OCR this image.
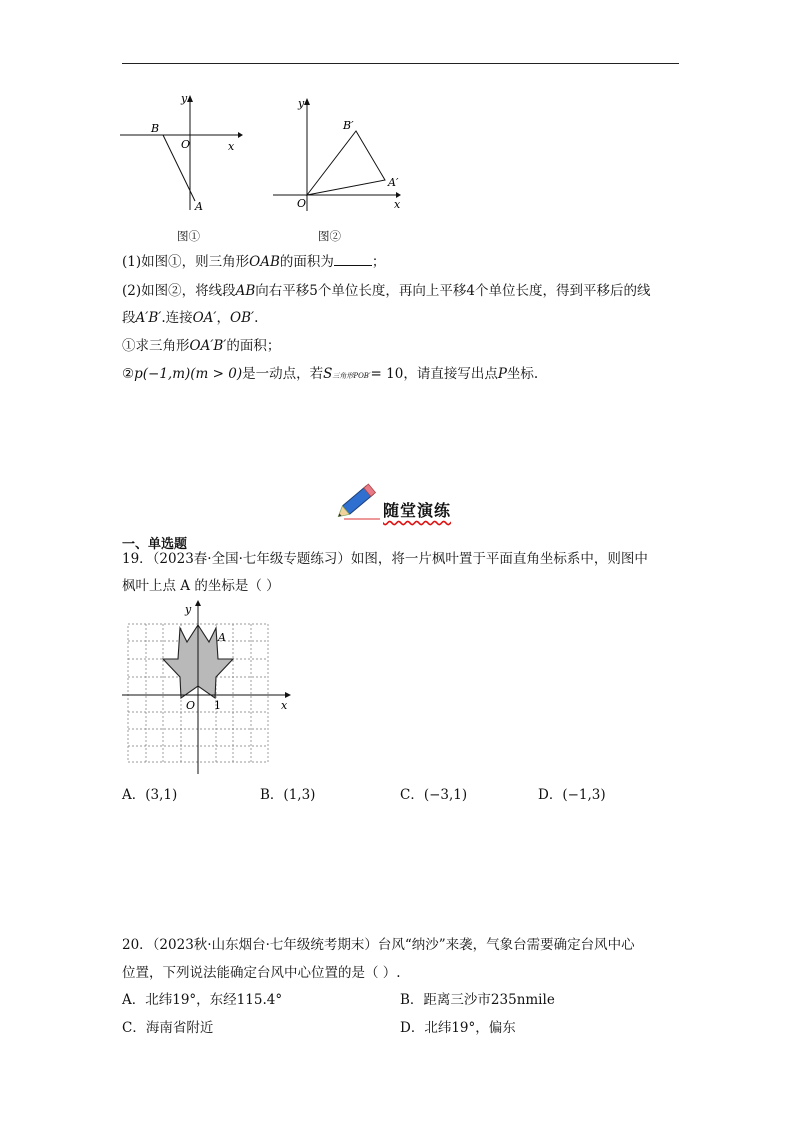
x
y
O
A
B
图①
x
y
O
A′
B′
图②
(1)如图①，则三角形OAB的面积为	；
(2)如图②，将线段AB向右平移5个单位长度，再向上平移4个单位长度，得到平移后的线
段A′B′.连接OA′，OB′.
①求三角形OA′B′的面积；
②p(−1,m)(m > 0)是一动点，若S三角形POB′= 10，请直接写出点P坐标.
随堂演练
一、单选题
19．（2023春·全国·七年级专题练习）如图，将一片枫叶置于平面直角坐标系中，则图中
枫叶上点 A 的坐标是（ ）
x
y
O 1
A
A．(3,1)	B．(1,3)	C．(−3,1)	D．(−1,3)
20．（2023秋·山东烟台·七年级统考期末）台风“纳沙”来袭，气象台需要确定台风中心
位置，下列说法能确定台风中心位置的是（ ）.
A．北纬19°，东经115.4°	B．距离三沙市235nmile
C．海南省附近	D．北纬19°，偏东
